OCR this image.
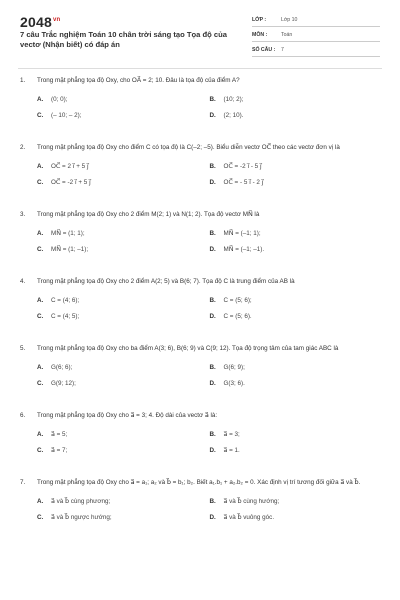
$2048^{vn}$
7 câu Trắc nghiệm Toán 10 chân trời sáng tạo Tọa độ của vectơ (Nhận biết) có đáp án
LỚP :	Lớp 10
MÔN :	Toán
SỐ CÂU :	7
1.	Trong mặt phẳng tọa độ Oxy, cho OA⃗ = 2; 10. Đâu là tọa độ của điểm A?
A.	(0; 0);	B.	(10; 2);
C.	(– 10; – 2);	D.	(2; 10).
2.	Trong mặt phẳng tọa độ Oxy cho điểm C có tọa độ là C(–2; –5). Biểu diễn vectơ OC⃗ theo các vectơ đơn vị là
A.	OC⃗ = 2 i⃗ + 5 j⃗	B.	OC⃗ = -2 i⃗ - 5 j⃗
C.	OC⃗ = -2 i⃗ + 5 j⃗	D.	OC⃗ = - 5 i⃗ - 2 j⃗
3.	Trong mặt phẳng tọa độ Oxy cho 2 điểm M(2; 1) và N(1; 2). Tọa độ vectơ MN⃗ là
A.	MN⃗ = (1; 1);	B.	MN⃗ = (–1; 1);
C.	MN⃗ = (1; –1);	D.	MN⃗ = (–1; –1).
4.	Trong mặt phẳng tọa độ Oxy cho 2 điểm A(2; 5) và B(6; 7). Tọa độ C là trung điểm của AB là
A.	C = (4; 6);	B.	C = (5; 6);
C.	C = (4; 5);	D.	C = (5; 6).
5.	Trong mặt phẳng tọa độ Oxy cho ba điểm A(3; 6), B(6; 9) và C(9; 12). Tọa độ trọng tâm của tam giác ABC là
A.	G(6; 6);	B.	G(6; 9);
C.	G(9; 12);	D.	G(3; 6).
6.	Trong mặt phẳng tọa độ Oxy cho a⃗ = 3; 4. Độ dài của vectơ a⃗ là:
A.	a⃗ = 5;	B.	a⃗ = 3;
C.	a⃗ = 7;	D.	a⃗ = 1.
7.	Trong mặt phẳng tọa độ Oxy cho a⃗ = a₁; a₂ và b⃗ = b₁; b₂. Biết a₁.b₁ + a₂.b₂ = 0. Xác định vị trí tương đối giữa a⃗ và b⃗.
A.	a⃗ và b⃗ cùng phương;	B.	a⃗ và b⃗ cùng hướng;
C.	a⃗ và b⃗ ngược hướng;	D.	a⃗ và b⃗ vuông góc.
